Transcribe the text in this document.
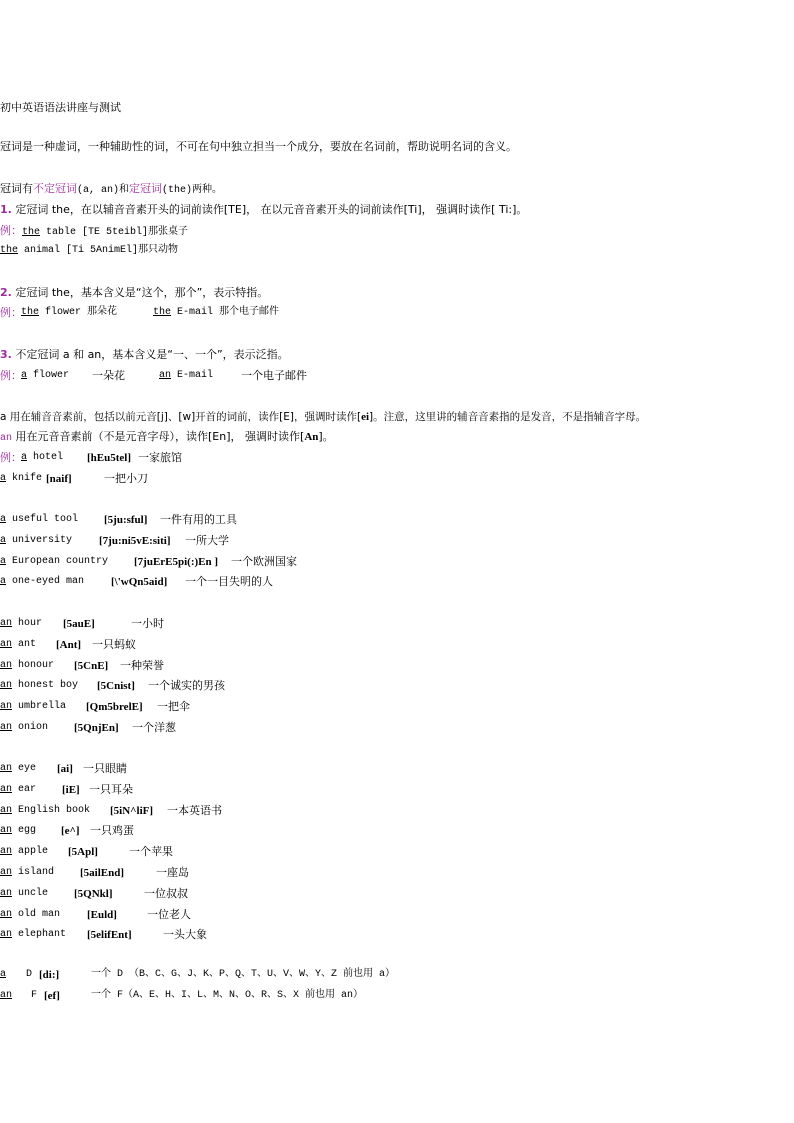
初中英语语法讲座与测试
冠词是一种虚词，一种辅助性的词，不可在句中独立担当一个成分，要放在名词前，帮助说明名词的含义。
冠词有不定冠词(a, an)和定冠词(the)两种。
1. 定冠词 the，在以辅音音素开头的词前读作[TE]， 在以元音音素开头的词前读作[Ti]， 强调时读作[ Ti:]。
例：the table [TE 5teibl]那张桌子
the animal [Ti 5AnimEl]那只动物
2. 定冠词 the，基本含义是“这个，那个”，表示特指。
例： the flower 那朵花	the E-mail 那个电子邮件
3. 不定冠词 a 和 an，基本含义是“一、一个”，表示泛指。
例： a flower 一朵花	an E-mail	一个电子邮件
a 用在辅音音素前，包括以前元音[j]、[w]开首的词前，读作[E]，强调时读作[ei]。注意，这里讲的辅音音素指的是发音，不是指辅音字母。
an 用在元音音素前（不是元音字母），读作[En]， 强调时读作[An]。
例： a hotel [hEu5tel] 一家旅馆
a knife [naif]	一把小刀
a useful tool [5ju:sful] 一件有用的工具
a university [7ju:ni5vE:siti] 一所大学
a European country [7juErE5pi(:)En ] 一个欧洲国家
a one-eyed man [\'wQn5aid] 一个一目失明的人
an hour [5auE]	一小时
an ant [Ant] 一只蚂蚁
an honour [5CnE] 一种荣誉
an honest boy [5Cnist] 一个诚实的男孩
an umbrella [Qm5brelE] 一把伞
an onion [5QnjEn] 一个洋葱
an eye [ai] 一只眼睛
an ear [iE] 一只耳朵
an English book [5iN^liF] 一本英语书
an egg [e^] 一只鸡蛋
an apple [5Apl]	一个苹果
an island [5ailEnd]	一座岛
an uncle [5QNkl]	一位叔叔
an old man [Euld]	一位老人
an elephant [5elifEnt]	一头大象
a D [di:]	一个 D （B、C、G、J、K、P、Q、T、U、V、W、Y、Z 前也用 a）
an F [ef]	一个 F（A、E、H、I、L、M、N、O、R、S、X 前也用 an）
